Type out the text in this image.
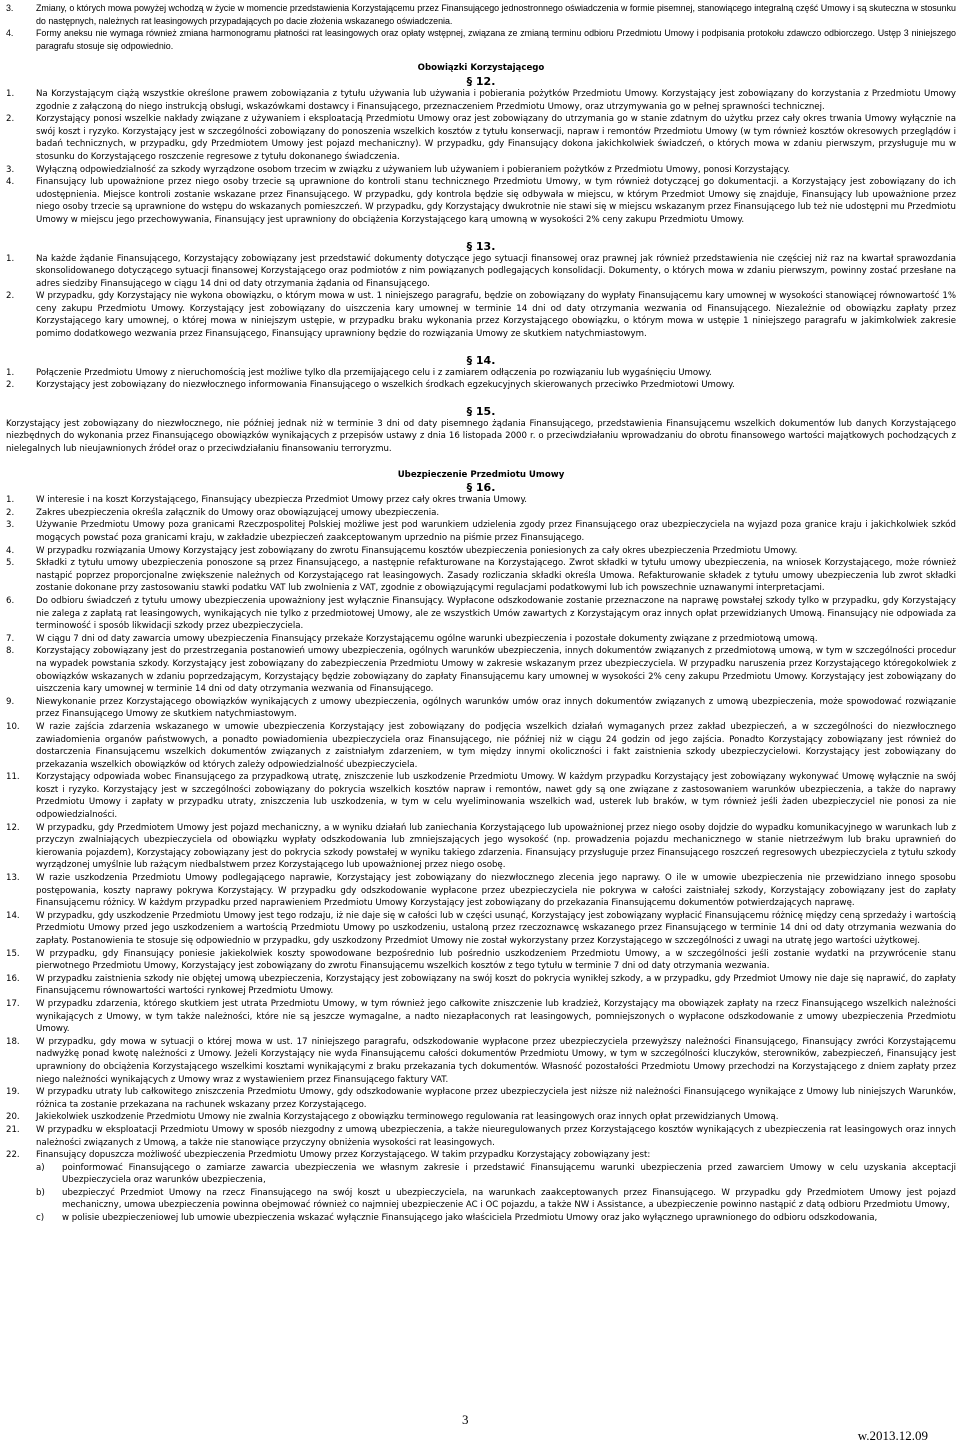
3.	Zmiany, o których mowa powyżej wchodzą w życie w momencie przedstawienia Korzystającemu przez Finansującego jednostronnego oświadczenia w formie pisemnej, stanowiącego integralną część Umowy i są skuteczna w stosunku do następnych, należnych rat leasingowych przypadających po dacie złożenia wskazanego oświadczenia.
4.	Formy aneksu nie wymaga również zmiana harmonogramu płatności rat leasingowych oraz opłaty wstępnej, związana ze zmianą terminu odbioru Przedmiotu Umowy i podpisania protokołu zdawczo odbiorczego. Ustęp 3 niniejszego paragrafu stosuje się odpowiednio.
Obowiązki Korzystającego
§ 12.
1.	Na Korzystającym ciążą wszystkie określone prawem zobowiązania z tytułu używania lub używania i pobierania pożytków Przedmiotu Umowy. Korzystający jest zobowiązany do korzystania z Przedmiotu Umowy zgodnie z załączoną do niego instrukcją obsługi, wskazówkami dostawcy i Finansującego, przeznaczeniem Przedmiotu Umowy, oraz utrzymywania go w pełnej sprawności technicznej.
2.	Korzystający ponosi wszelkie nakłady związane z używaniem i eksploatacją Przedmiotu Umowy oraz jest zobowiązany do utrzymania go w stanie zdatnym do użytku przez cały okres trwania Umowy wyłącznie na swój koszt i ryzyko. Korzystający jest w szczególności zobowiązany do ponoszenia wszelkich kosztów z tytułu konserwacji, napraw i remontów Przedmiotu Umowy (w tym również kosztów okresowych przeglądów i badań technicznych, w przypadku, gdy Przedmiotem Umowy jest pojazd mechaniczny). W przypadku, gdy Finansujący dokona jakichkolwiek świadczeń, o których mowa w zdaniu pierwszym, przysługuje mu w stosunku do Korzystającego roszczenie regresowe z tytułu dokonanego świadczenia.
3.	Wyłączną odpowiedzialność za szkody wyrządzone osobom trzecim w związku z używaniem lub używaniem i pobieraniem pożytków z Przedmiotu Umowy, ponosi Korzystający.
4.	Finansujący lub upoważnione przez niego osoby trzecie są uprawnione do kontroli stanu technicznego Przedmiotu Umowy, w tym również dotyczącej go dokumentacji. a Korzystający jest zobowiązany do ich udostępnienia. Miejsce kontroli zostanie wskazane przez Finansującego. W przypadku, gdy kontrola będzie się odbywała w miejscu, w którym Przedmiot Umowy się znajduje, Finansujący lub upoważnione przez niego osoby trzecie są uprawnione do wstępu do wskazanych pomieszczeń. W przypadku, gdy Korzystający dwukrotnie nie stawi się w miejscu wskazanym przez Finansującego lub też nie udostępni mu Przedmiotu Umowy w miejscu jego przechowywania, Finansujący jest uprawniony do obciążenia Korzystającego karą umowną w wysokości 2% ceny zakupu Przedmiotu Umowy.
§ 13.
1.	Na każde żądanie Finansującego, Korzystający zobowiązany jest przedstawić dokumenty dotyczące jego sytuacji finansowej oraz prawnej jak również przedstawienia nie częściej niż raz na kwartał sprawozdania skonsolidowanego dotyczącego sytuacji finansowej Korzystającego oraz podmiotów z nim powiązanych podlegających konsolidacji. Dokumenty, o których mowa w zdaniu pierwszym, powinny zostać przesłane na adres siedziby Finansującego w ciągu 14 dni od daty otrzymania żądania od Finansującego.
2.	W przypadku, gdy Korzystający nie wykona obowiązku, o którym mowa w ust. 1 niniejszego paragrafu, będzie on zobowiązany do wypłaty Finansującemu kary umownej w wysokości stanowiącej równowartość 1% ceny zakupu Przedmiotu Umowy. Korzystający jest zobowiązany do uiszczenia kary umownej w terminie 14 dni od daty otrzymania wezwania od Finansującego. Niezależnie od obowiązku zapłaty przez Korzystającego kary umownej, o której mowa w niniejszym ustępie, w przypadku braku wykonania przez Korzystającego obowiązku, o którym mowa w ustępie 1 niniejszego paragrafu w jakimkolwiek zakresie pomimo dodatkowego wezwania przez Finansującego, Finansujący uprawniony będzie do rozwiązania Umowy ze skutkiem natychmiastowym.
§ 14.
1.	Połączenie Przedmiotu Umowy z nieruchomością jest możliwe tylko dla przemijającego celu i z zamiarem odłączenia po rozwiązaniu lub wygaśnięciu Umowy.
2.	Korzystający jest zobowiązany do niezwłocznego informowania Finansującego o wszelkich środkach egzekucyjnych skierowanych przeciwko Przedmiotowi Umowy.
§ 15.
Korzystający jest zobowiązany do niezwłocznego, nie później jednak niż w terminie 3 dni od daty pisemnego żądania Finansującego, przedstawienia Finansującemu wszelkich dokumentów lub danych Korzystającego niezbędnych do wykonania przez Finansującego obowiązków wynikających z przepisów ustawy z dnia 16 listopada 2000 r. o przeciwdziałaniu wprowadzaniu do obrotu finansowego wartości majątkowych pochodzących z nielegalnych lub nieujawnionych źródeł oraz o przeciwdziałaniu finansowaniu terroryzmu.
Ubezpieczenie Przedmiotu Umowy
§ 16.
1.	W interesie i na koszt Korzystającego, Finansujący ubezpiecza Przedmiot Umowy przez cały okres trwania Umowy.
2.	Zakres ubezpieczenia określa załącznik do Umowy oraz obowiązującej umowy ubezpieczenia.
3.	Używanie Przedmiotu Umowy poza granicami Rzeczpospolitej Polskiej możliwe jest pod warunkiem udzielenia zgody przez Finansującego oraz ubezpieczyciela na wyjazd poza granice kraju i jakichkolwiek szkód mogących powstać poza granicami kraju, w zakładzie ubezpieczeń zaakceptowanym uprzednio na piśmie przez Finansującego.
4.	W przypadku rozwiązania Umowy Korzystający jest zobowiązany do zwrotu Finansującemu kosztów ubezpieczenia poniesionych za cały okres ubezpieczenia Przedmiotu Umowy.
5.	Składki z tytułu umowy ubezpieczenia ponoszone są przez Finansującego, a następnie refakturowane na Korzystającego. Zwrot składki w tytułu umowy ubezpieczenia, na wniosek Korzystającego, może również nastąpić poprzez proporcjonalne zwiększenie należnych od Korzystającego rat leasingowych. Zasady rozliczania składki określa Umowa. Refakturowanie składek z tytułu umowy ubezpieczenia lub zwrot składki zostanie dokonane przy zastosowaniu stawki podatku VAT lub zwolnienia z VAT, zgodnie z obowiązującymi regulacjami podatkowymi lub ich powszechnie uznawanymi interpretacjami.
6.	Do odbioru świadczeń z tytułu umowy ubezpieczenia upoważniony jest wyłącznie Finansujący. Wypłacone odszkodowanie zostanie przeznaczone na naprawę powstałej szkody tylko w przypadku, gdy Korzystający nie zalega z zapłatą rat leasingowych, wynikających nie tylko z przedmiotowej Umowy, ale ze wszystkich Umów zawartych z Korzystającym oraz innych opłat przewidzianych Umową. Finansujący nie odpowiada za terminowość i sposób likwidacji szkody przez ubezpieczyciela.
7.	W ciągu 7 dni od daty zawarcia umowy ubezpieczenia Finansujący przekaże Korzystającemu ogólne warunki ubezpieczenia i pozostałe dokumenty związane z przedmiotową umową.
8.	Korzystający zobowiązany jest do przestrzegania postanowień umowy ubezpieczenia, ogólnych warunków ubezpieczenia, innych dokumentów związanych z przedmiotową umową, w tym w szczególności procedur na wypadek powstania szkody. Korzystający jest zobowiązany do zabezpieczenia Przedmiotu Umowy w zakresie wskazanym przez ubezpieczyciela. W przypadku naruszenia przez Korzystającego któregokolwiek z obowiązków wskazanych w zdaniu poprzedzającym, Korzystający będzie zobowiązany do zapłaty Finansującemu kary umownej w wysokości 2% ceny zakupu Przedmiotu Umowy. Korzystający jest zobowiązany do uiszczenia kary umownej w terminie 14 dni od daty otrzymania wezwania od Finansującego.
9.	Niewykonanie przez Korzystającego obowiązków wynikających z umowy ubezpieczenia, ogólnych warunków umów oraz innych dokumentów związanych z umową ubezpieczenia, może spowodować rozwiązanie przez Finansującego Umowy ze skutkiem natychmiastowym.
10. W razie zajścia zdarzenia wskazanego w umowie ubezpieczenia Korzystający jest zobowiązany do podjęcia wszelkich działań wymaganych przez zakład ubezpieczeń, a w szczególności do niezwłocznego zawiadomienia organów państwowych, a ponadto powiadomienia ubezpieczyciela oraz Finansującego, nie później niż w ciągu 24 godzin od jego zajścia. Ponadto Korzystający zobowiązany jest również do dostarczenia Finansującemu wszelkich dokumentów związanych z zaistniałym zdarzeniem, w tym między innymi okoliczności i fakt zaistnienia szkody ubezpieczycielowi. Korzystający jest zobowiązany do przekazania wszelkich obowiązków od których zależy odpowiedzialność ubezpieczyciela.
11. Korzystający odpowiada wobec Finansującego za przypadkową utratę, zniszczenie lub uszkodzenie Przedmiotu Umowy. W każdym przypadku Korzystający jest zobowiązany wykonywać Umowę wyłącznie na swój koszt i ryzyko. Korzystający jest w szczególności zobowiązany do pokrycia wszelkich kosztów napraw i remontów, nawet gdy są one związane z zastosowaniem warunków ubezpieczenia, a także do naprawy Przedmiotu Umowy i zapłaty w przypadku utraty, zniszczenia lub uszkodzenia, w tym w celu wyeliminowania wszelkich wad, usterek lub braków, w tym również jeśli żaden ubezpieczyciel nie ponosi za nie odpowiedzialności.
12. W przypadku, gdy Przedmiotem Umowy jest pojazd mechaniczny, a w wyniku działań lub zaniechania Korzystającego lub upoważnionej przez niego osoby dojdzie do wypadku komunikacyjnego w warunkach lub z przyczyn zwalniających ubezpieczyciela od obowiązku wypłaty odszkodowania lub zmniejszających jego wysokość (np. prowadzenia pojazdu mechanicznego w stanie nietrzeźwym lub braku uprawnień do kierowania pojazdem), Korzystający zobowiązany jest do pokrycia szkody powstałej w wyniku takiego zdarzenia. Finansujący przysługuje przez Finansującego roszczeń regresowych ubezpieczyciela z tytułu szkody wyrządzonej umyślnie lub rażącym niedbalstwem przez Korzystającego lub upoważnionej przez niego osobę.
13. W razie uszkodzenia Przedmiotu Umowy podlegającego naprawie, Korzystający jest zobowiązany do niezwłocznego zlecenia jego naprawy. O ile w umowie ubezpieczenia nie przewidziano innego sposobu postępowania, koszty naprawy pokrywa Korzystający. W przypadku gdy odszkodowanie wypłacone przez ubezpieczyciela nie pokrywa w całości zaistniałej szkody, Korzystający zobowiązany jest do zapłaty Finansującemu różnicy. W każdym przypadku przed naprawieniem Przedmiotu Umowy Korzystający jest zobowiązany do przekazania Finansującemu dokumentów potwierdzających naprawę.
14. W przypadku, gdy uszkodzenie Przedmiotu Umowy jest tego rodzaju, iż nie daje się w całości lub w części usunąć, Korzystający jest zobowiązany wypłacić Finansującemu różnicę między ceną sprzedaży i wartością Przedmiotu Umowy przed jego uszkodzeniem a wartością Przedmiotu Umowy po uszkodzeniu, ustaloną przez rzeczoznawcę wskazanego przez Finansującego w terminie 14 dni od daty otrzymania wezwania do zapłaty. Postanowienia te stosuje się odpowiednio w przypadku, gdy uszkodzony Przedmiot Umowy nie został wykorzystany przez Korzystającego w szczególności z uwagi na utratę jego wartości użytkowej.
15. W przypadku, gdy Finansujący poniesie jakiekolwiek koszty spowodowane bezpośrednio lub pośrednio uszkodzeniem Przedmiotu Umowy, a w szczególności jeśli zostanie wydatki na przywrócenie stanu pierwotnego Przedmiotu Umowy, Korzystający jest zobowiązany do zwrotu Finansującemu wszelkich kosztów z tego tytułu w terminie 7 dni od daty otrzymania wezwania.
16. W przypadku zaistnienia szkody nie objętej umową ubezpieczenia, Korzystający jest zobowiązany na swój koszt do pokrycia wynikłej szkody, a w przypadku, gdy Przedmiot Umowy nie daje się naprawić, do zapłaty Finansującemu równowartości wartości rynkowej Przedmiotu Umowy.
17. W przypadku zdarzenia, którego skutkiem jest utrata Przedmiotu Umowy, w tym również jego całkowite zniszczenie lub kradzież, Korzystający ma obowiązek zapłaty na rzecz Finansującego wszelkich należności wynikających z Umowy, w tym także należności, które nie są jeszcze wymagalne, a nadto niezapłaconych rat leasingowych, pomniejszonych o wypłacone odszkodowanie z umowy ubezpieczenia Przedmiotu Umowy.
18. W przypadku, gdy mowa w sytuacji o której mowa w ust. 17 niniejszego paragrafu, odszkodowanie wypłacone przez ubezpieczyciela przewyższy należności Finansującego, Finansujący zwróci Korzystającemu nadwyżkę ponad kwotę należności z Umowy. Jeżeli Korzystający nie wyda Finansującemu całości dokumentów Przedmiotu Umowy, w tym w szczególności kluczyków, sterowników, zabezpieczeń, Finansujący jest uprawniony do obciążenia Korzystającego wszelkimi kosztami wynikającymi z braku przekazania tych dokumentów. Własność pozostałości Przedmiotu Umowy przechodzi na Korzystającego z dniem zapłaty przez niego należności wynikających z Umowy wraz z wystawieniem przez Finansującego faktury VAT.
19. W przypadku utraty lub całkowitego zniszczenia Przedmiotu Umowy, gdy odszkodowanie wypłacone przez ubezpieczyciela jest niższe niż należności Finansującego wynikające z Umowy lub niniejszych Warunków, różnica ta zostanie przekazana na rachunek wskazany przez Korzystającego.
20. Jakiekolwiek uszkodzenie Przedmiotu Umowy nie zwalnia Korzystającego z obowiązku terminowego regulowania rat leasingowych oraz innych opłat przewidzianych Umową.
21. W przypadku w eksploatacji Przedmiotu Umowy w sposób niezgodny z umową ubezpieczenia, a także nieuregulowanych przez Korzystającego kosztów wynikających z ubezpieczenia rat leasingowych oraz innych należności związanych z Umową, a także nie stanowiące przyczyny obniżenia wysokości rat leasingowych.
22. Finansujący dopuszcza możliwość ubezpieczenia Przedmiotu Umowy przez Korzystającego. W takim przypadku Korzystający zobowiązany jest:
a) poinformować Finansującego o zamiarze zawarcia ubezpieczenia we własnym zakresie i przedstawić Finansującemu warunki ubezpieczenia przed zawarciem Umowy w celu uzyskania akceptacji Ubezpieczyciela oraz warunków ubezpieczenia,
b) ubezpieczyć Przedmiot Umowy na rzecz Finansującego na swój koszt u ubezpieczyciela, na warunkach zaakceptowanych przez Finansującego. W przypadku gdy Przedmiotem Umowy jest pojazd mechaniczny, umowa ubezpieczenia powinna obejmować również co najmniej ubezpieczenie AC i OC pojazdu, a także NW i Assistance, a ubezpieczenie powinno nastąpić z datą odbioru Przedmiotu Umowy,
c) w polisie ubezpieczeniowej lub umowie ubezpieczenia wskazać wyłącznie Finansującego jako właściciela Przedmiotu Umowy oraz jako wyłącznego uprawnionego do odbioru odszkodowania,
3
w.2013.12.09
